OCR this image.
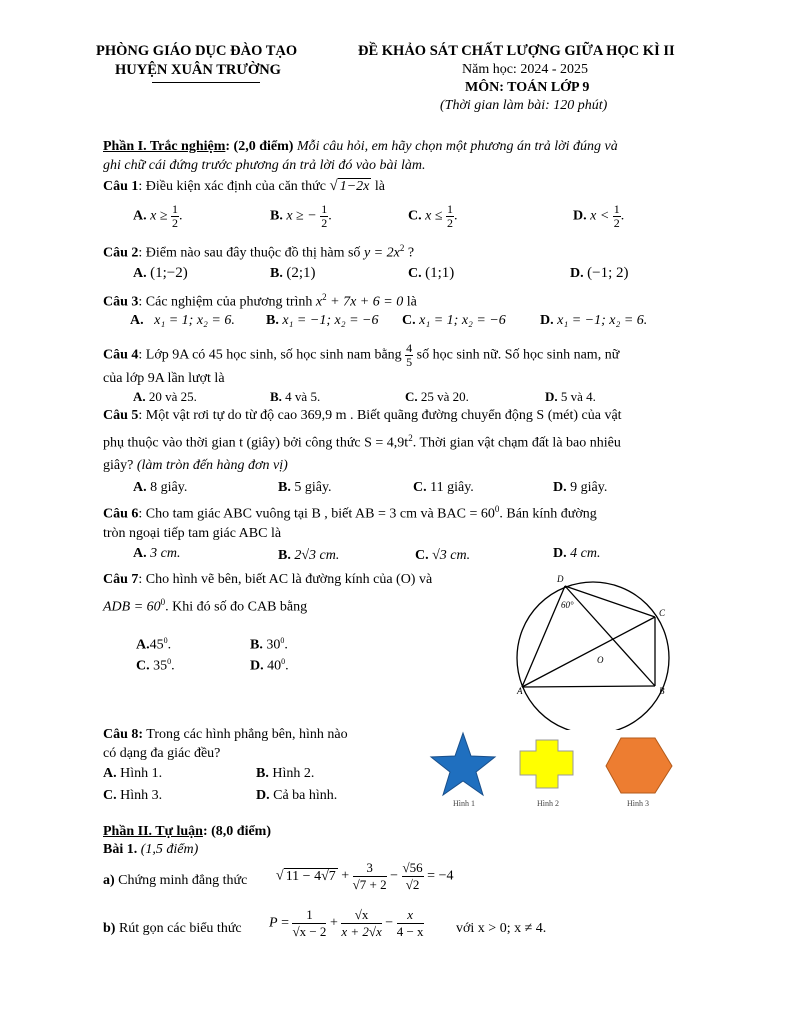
PHÒNG GIÁO DỤC ĐÀO TẠO
HUYỆN XUÂN TRƯỜNG
ĐỀ KHẢO SÁT CHẤT LƯỢNG GIỮA HỌC KÌ II
Năm học: 2024 - 2025
MÔN: TOÁN LỚP 9
(Thời gian làm bài: 120 phút)
Phần I. Trắc nghiệm: (2,0 điểm) Mỗi câu hỏi, em hãy chọn một phương án trả lời đúng và
ghi chữ cái đứng trước phương án trả lời đó vào bài làm.
Câu 1: Điều kiện xác định của căn thức √ 1−2x là
A. $x \ge \frac{1}{2}$ .	B. x ≥ − $\frac{1}{2}$ .	C. $x \le \frac{1}{2}$ .	D. $x < \frac{1}{2}$ .
Câu 2: Điểm nào sau đây thuộc đồ thị hàm số $y = 2x^2$ ?
A. (1;−2)	B. (2;1)	C. (1;1)	D. (−1; 2)
Câu 3: Các nghiệm của phương trình $x^2 + 7x + 6 = 0$ là
A. x₁ = 1; x₂ = 6. B. x₁ = −1; x₂ = −6 C. x₁ = 1; x₂ = −6 D. x₁ = −1; x₂ = 6.
Câu 4: Lớp 9A có 45 học sinh, số học sinh nam bằng $\frac{4}{5}$ số học sinh nữ. Số học sinh nam, nữ
của lớp 9A lần lượt là
A. 20 và 25.	B. 4 và 5.	C. 25 và 20.	D. 5 và 4.
Câu 5: Một vật rơi tự do từ độ cao 369,9 m . Biết quãng đường chuyển động S (mét) của vật
phụ thuộc vào thời gian t (giây) bởi công thức $S = 4,9t^2$. Thời gian vật chạm đất là bao nhiêu
giây? (làm tròn đến hàng đơn vị)
A. 8 giây.	B. 5 giây.	C. 11 giây.	D. 9 giây.
Câu 6: Cho tam giác ABC vuông tại B , biết AB = 3 cm và BAC = $60^0$. Bán kính đường
tròn ngoại tiếp tam giác ABC là
A. 3 cm.	B. 2√3 cm.	C. √3 cm.	D. 4 cm.
Câu 7: Cho hình vẽ bên, biết AC là đường kính của (O) và
ADB = $60^0$. Khi đó số đo CAB bằng
$A.45^0$.	B. $30^0$.
C. $35^0$.	D. $40^0$.
D
60°
C
O
A	B
Câu 8: Trong các hình phẳng bên, hình nào
có dạng đa giác đều?
A. Hình 1.	B. Hình 2.
C. Hình 3.	D. Cả ba hình.
Hình 1	Hình 2	Hình 3
Phần II. Tự luận: (8,0 điểm)
Bài 1. (1,5 điểm)
a) Chứng minh đẳng thức √ $11 - 4√7 + \frac{3}{√7 + 2} - \frac{√56}{√2} = -4$
b) Rút gọn các biểu thức $P = \frac{1}{√x - 2} + \frac{√x}{x + 2√x} - \frac{x}{4 - x}$ với x > 0; x ≠ 4.
